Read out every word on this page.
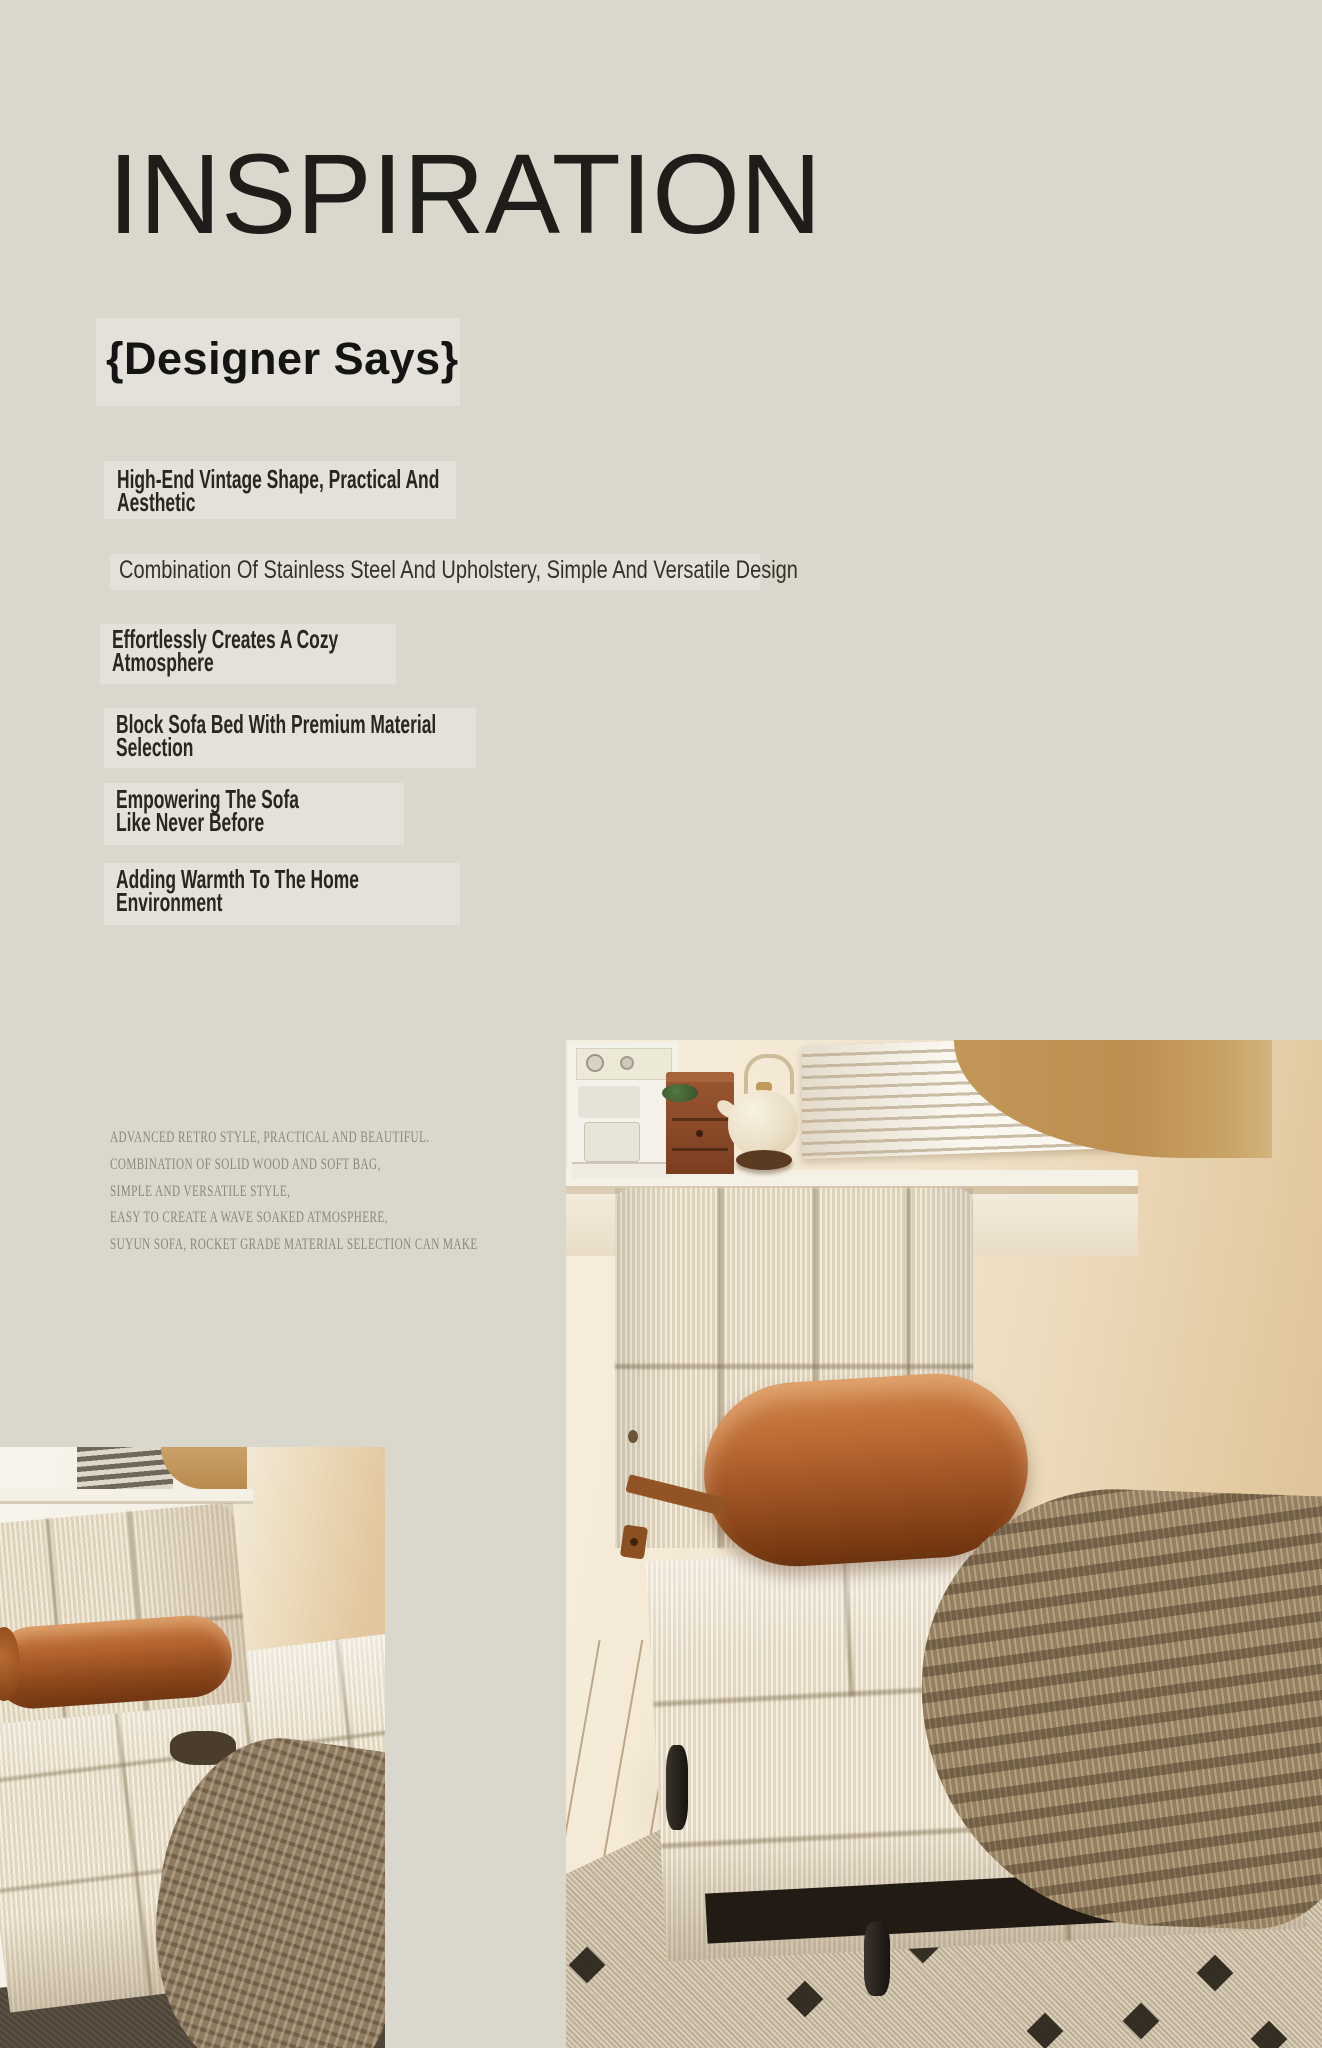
INSPIRATION
{Designer Says}
High-End Vintage Shape, Practical And
Aesthetic
Combination Of Stainless Steel And Upholstery, Simple And Versatile Design
Effortlessly Creates A Cozy
Atmosphere
Block Sofa Bed With Premium Material
Selection
Empowering The Sofa
Like Never Before
Adding Warmth To The Home
Environment
ADVANCED RETRO STYLE, PRACTICAL AND BEAUTIFUL.
COMBINATION OF SOLID WOOD AND SOFT BAG,
SIMPLE AND VERSATILE STYLE,
EASY TO CREATE A WAVE SOAKED ATMOSPHERE,
SUYUN SOFA, ROCKET GRADE MATERIAL SELECTION CAN MAKE
